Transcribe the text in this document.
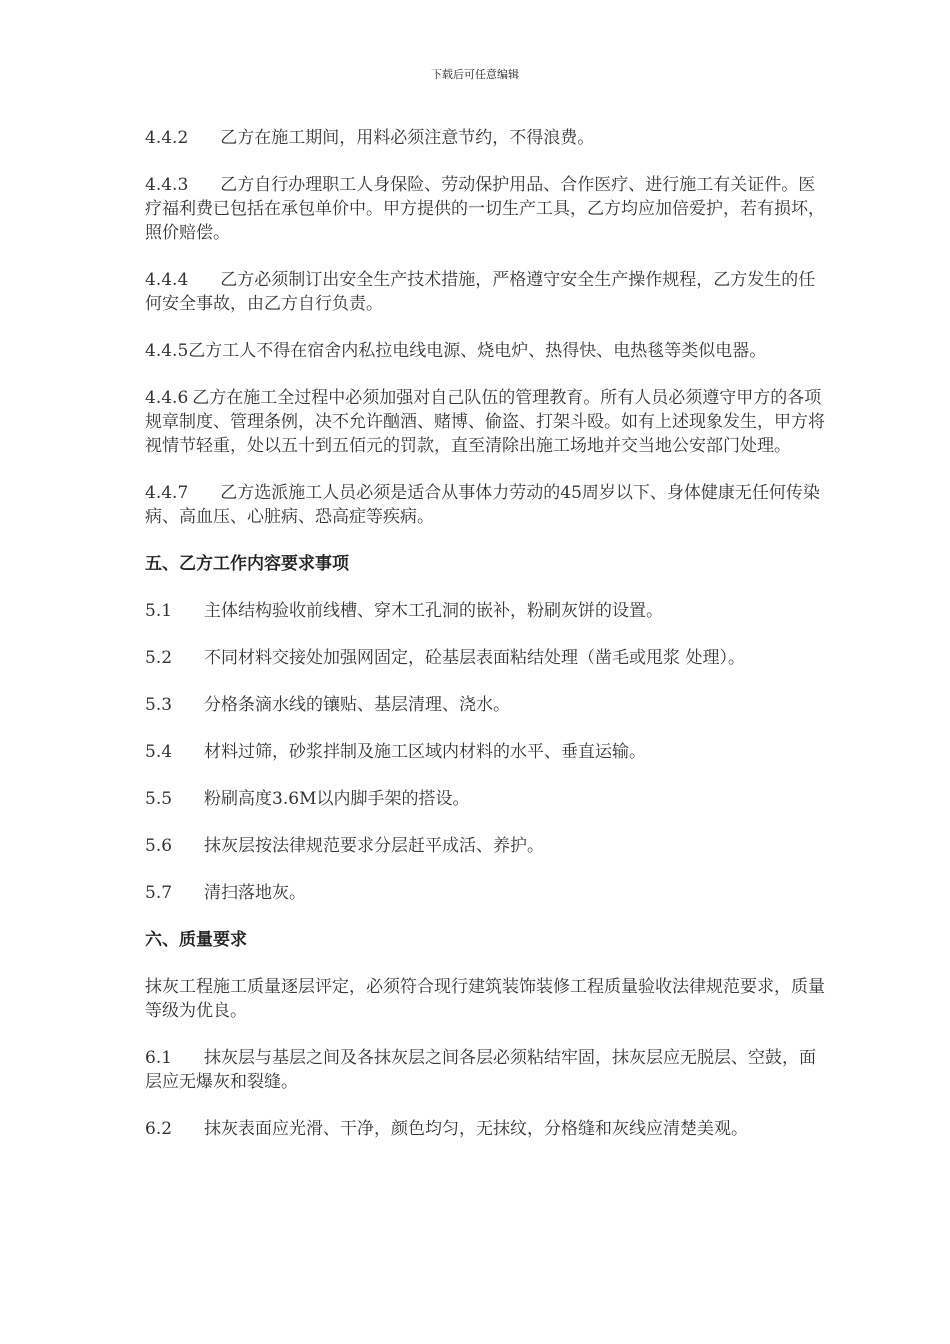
下载后可任意编辑

4.4.2 乙方在施工期间，用料必须注意节约，不得浪费。

4.4.3 乙方自行办理职工人身保险、劳动保护用品、合作医疗、进行施工有关证件。医疗福利费已包括在承包单价中。甲方提供的一切生产工具，乙方均应加倍爱护，若有损坏，照价赔偿。

4.4.4 乙方必须制订出安全生产技术措施，严格遵守安全生产操作规程，乙方发生的任何安全事故，由乙方自行负责。

4.4.5乙方工人不得在宿舍内私拉电线电源、烧电炉、热得快、电热毯等类似电器。

4.4.6 乙方在施工全过程中必须加强对自己队伍的管理教育。所有人员必须遵守甲方的各项规章制度、管理条例，决不允许酗酒、赌博、偷盗、打架斗殴。如有上述现象发生，甲方将视情节轻重，处以五十到五佰元的罚款，直至清除出施工场地并交当地公安部门处理。

4.4.7 乙方选派施工人员必须是适合从事体力劳动的45周岁以下、身体健康无任何传染病、高血压、心脏病、恐高症等疾病。

五、乙方工作内容要求事项

5.1 主体结构验收前线槽、穿木工孔洞的嵌补，粉刷灰饼的设置。

5.2 不同材料交接处加强网固定，砼基层表面粘结处理（凿毛或甩浆 处理）。

5.3 分格条滴水线的镶贴、基层清理、浇水。

5.4 材料过筛，砂浆拌制及施工区域内材料的水平、垂直运输。

5.5 粉刷高度3.6M以内脚手架的搭设。

5.6 抹灰层按法律规范要求分层赶平成活、养护。

5.7 清扫落地灰。

六、质量要求

抹灰工程施工质量逐层评定，必须符合现行建筑装饰装修工程质量验收法律规范要求，质量等级为优良。

6.1 抹灰层与基层之间及各抹灰层之间各层必须粘结牢固，抹灰层应无脱层、空鼓，面层应无爆灰和裂缝。

6.2 抹灰表面应光滑、干净，颜色均匀，无抹纹，分格缝和灰线应清楚美观。
